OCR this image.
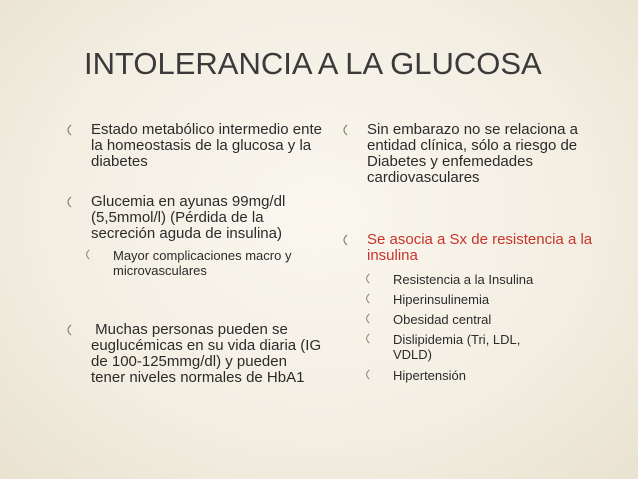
INTOLERANCIA A LA GLUCOSA
Estado metabólico intermedio ente la homeostasis de la glucosa y la diabetes
Glucemia en ayunas 99mg/dl (5,5mmol/l) (Pérdida de la secreción aguda de insulina)
Mayor complicaciones macro y microvasculares
Muchas personas pueden se euglucémicas en su vida diaria (IG de 100-125mmg/dl) y pueden tener niveles normales de HbA1
Sin embarazo no se relaciona a entidad clínica, sólo a riesgo de Diabetes y enfemedades cardiovasculares
Se asocia a Sx de resistencia a la insulina
Resistencia a la Insulina
Hiperinsulinemia
Obesidad central
Dislipidemia (Tri, LDL, VDLD)
Hipertensión
